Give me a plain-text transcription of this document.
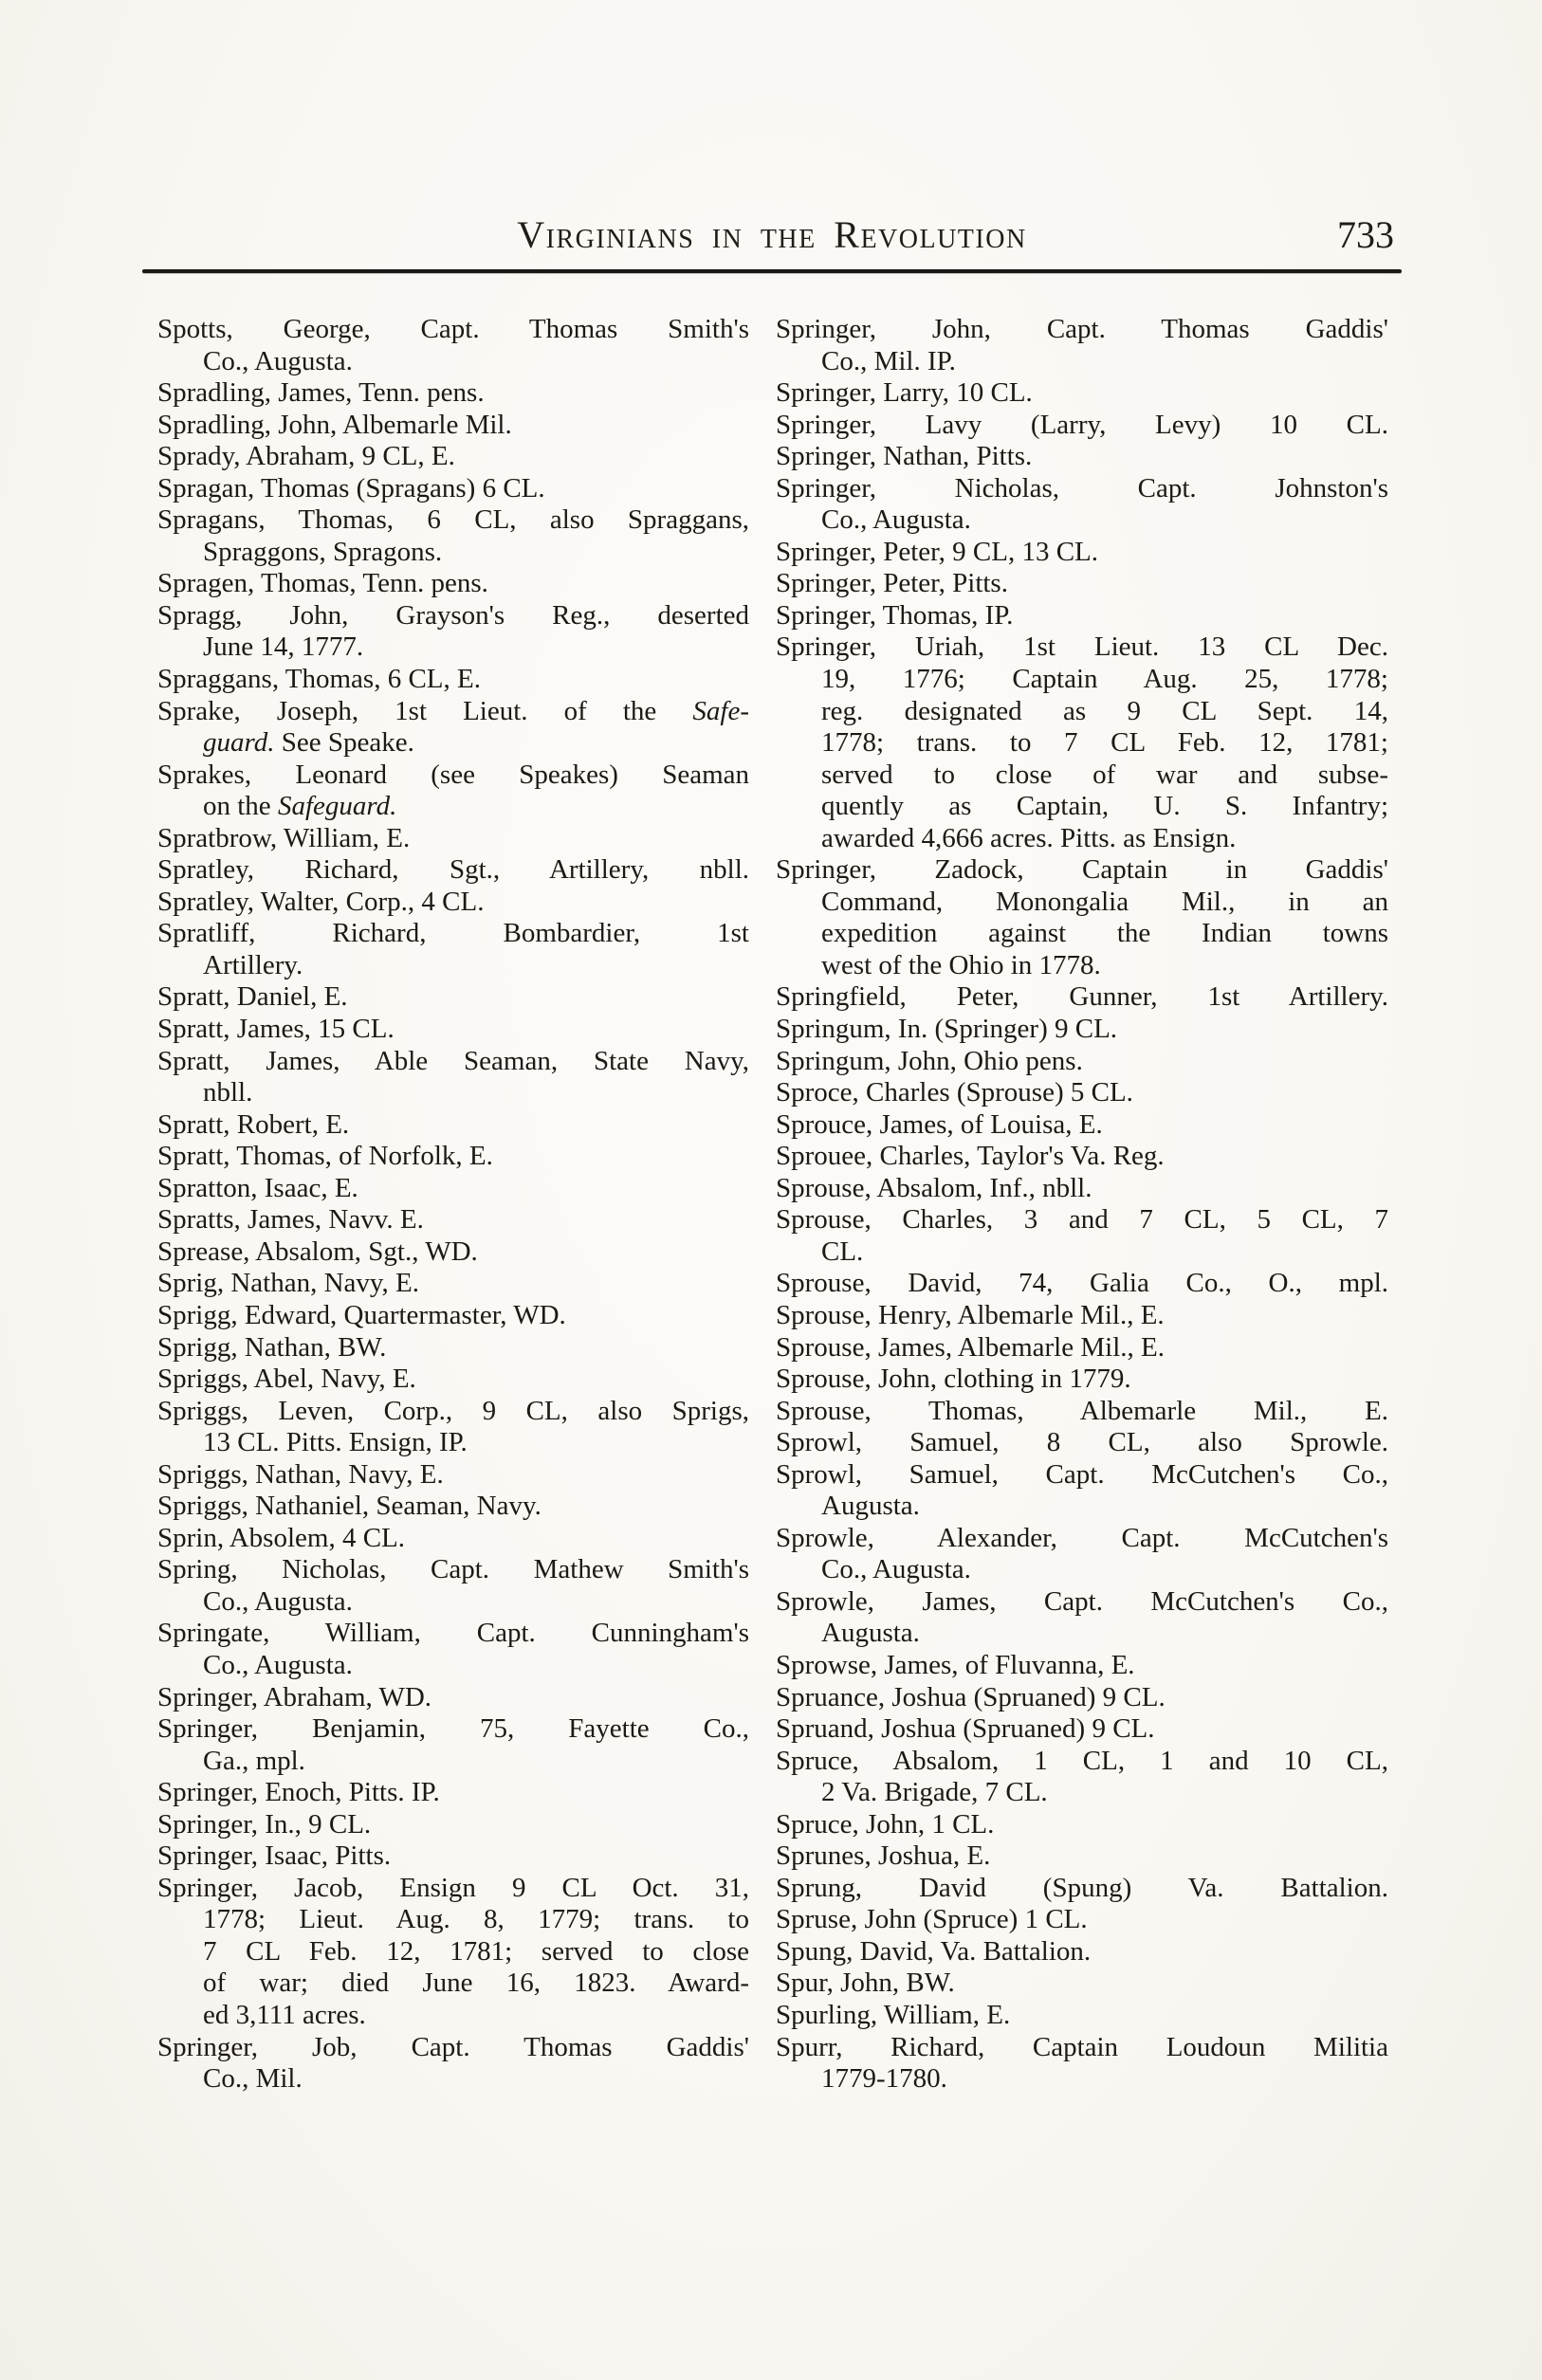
Virginians in the Revolution	733
Spotts, George, Capt. Thomas Smith's
Co., Augusta.
Spradling, James, Tenn. pens.
Spradling, John, Albemarle Mil.
Sprady, Abraham, 9 CL, E.
Spragan, Thomas (Spragans) 6 CL.
Spragans, Thomas, 6 CL, also Spraggans,
Spraggons, Spragons.
Spragen, Thomas, Tenn. pens.
Spragg, John, Grayson's Reg., deserted
June 14, 1777.
Spraggans, Thomas, 6 CL, E.
Sprake, Joseph, 1st Lieut. of the Safe-
guard. See Speake.
Sprakes, Leonard (see Speakes) Seaman
on the Safeguard.
Spratbrow, William, E.
Spratley, Richard, Sgt., Artillery, nbll.
Spratley, Walter, Corp., 4 CL.
Spratliff, Richard, Bombardier, 1st
Artillery.
Spratt, Daniel, E.
Spratt, James, 15 CL.
Spratt, James, Able Seaman, State Navy,
nbll.
Spratt, Robert, E.
Spratt, Thomas, of Norfolk, E.
Spratton, Isaac, E.
Spratts, James, Navv. E.
Sprease, Absalom, Sgt., WD.
Sprig, Nathan, Navy, E.
Sprigg, Edward, Quartermaster, WD.
Sprigg, Nathan, BW.
Spriggs, Abel, Navy, E.
Spriggs, Leven, Corp., 9 CL, also Sprigs,
13 CL. Pitts. Ensign, IP.
Spriggs, Nathan, Navy, E.
Spriggs, Nathaniel, Seaman, Navy.
Sprin, Absolem, 4 CL.
Spring, Nicholas, Capt. Mathew Smith's
Co., Augusta.
Springate, William, Capt. Cunningham's
Co., Augusta.
Springer, Abraham, WD.
Springer, Benjamin, 75, Fayette Co.,
Ga., mpl.
Springer, Enoch, Pitts. IP.
Springer, In., 9 CL.
Springer, Isaac, Pitts.
Springer, Jacob, Ensign 9 CL Oct. 31,
1778; Lieut. Aug. 8, 1779; trans. to
7 CL Feb. 12, 1781; served to close
of war; died June 16, 1823. Award-
ed 3,111 acres.
Springer, Job, Capt. Thomas Gaddis'
Co., Mil.
Springer, John, Capt. Thomas Gaddis'
Co., Mil. IP.
Springer, Larry, 10 CL.
Springer, Lavy (Larry, Levy) 10 CL.
Springer, Nathan, Pitts.
Springer, Nicholas, Capt. Johnston's
Co., Augusta.
Springer, Peter, 9 CL, 13 CL.
Springer, Peter, Pitts.
Springer, Thomas, IP.
Springer, Uriah, 1st Lieut. 13 CL Dec.
19, 1776; Captain Aug. 25, 1778;
reg. designated as 9 CL Sept. 14,
1778; trans. to 7 CL Feb. 12, 1781;
served to close of war and subse-
quently as Captain, U. S. Infantry;
awarded 4,666 acres. Pitts. as Ensign.
Springer, Zadock, Captain in Gaddis'
Command, Monongalia Mil., in an
expedition against the Indian towns
west of the Ohio in 1778.
Springfield, Peter, Gunner, 1st Artillery.
Springum, In. (Springer) 9 CL.
Springum, John, Ohio pens.
Sproce, Charles (Sprouse) 5 CL.
Sprouce, James, of Louisa, E.
Sprouee, Charles, Taylor's Va. Reg.
Sprouse, Absalom, Inf., nbll.
Sprouse, Charles, 3 and 7 CL, 5 CL, 7
CL.
Sprouse, David, 74, Galia Co., O., mpl.
Sprouse, Henry, Albemarle Mil., E.
Sprouse, James, Albemarle Mil., E.
Sprouse, John, clothing in 1779.
Sprouse, Thomas, Albemarle Mil., E.
Sprowl, Samuel, 8 CL, also Sprowle.
Sprowl, Samuel, Capt. McCutchen's Co.,
Augusta.
Sprowle, Alexander, Capt. McCutchen's
Co., Augusta.
Sprowle, James, Capt. McCutchen's Co.,
Augusta.
Sprowse, James, of Fluvanna, E.
Spruance, Joshua (Spruaned) 9 CL.
Spruand, Joshua (Spruaned) 9 CL.
Spruce, Absalom, 1 CL, 1 and 10 CL,
2 Va. Brigade, 7 CL.
Spruce, John, 1 CL.
Sprunes, Joshua, E.
Sprung, David (Spung) Va. Battalion.
Spruse, John (Spruce) 1 CL.
Spung, David, Va. Battalion.
Spur, John, BW.
Spurling, William, E.
Spurr, Richard, Captain Loudoun Militia
1779-1780.
